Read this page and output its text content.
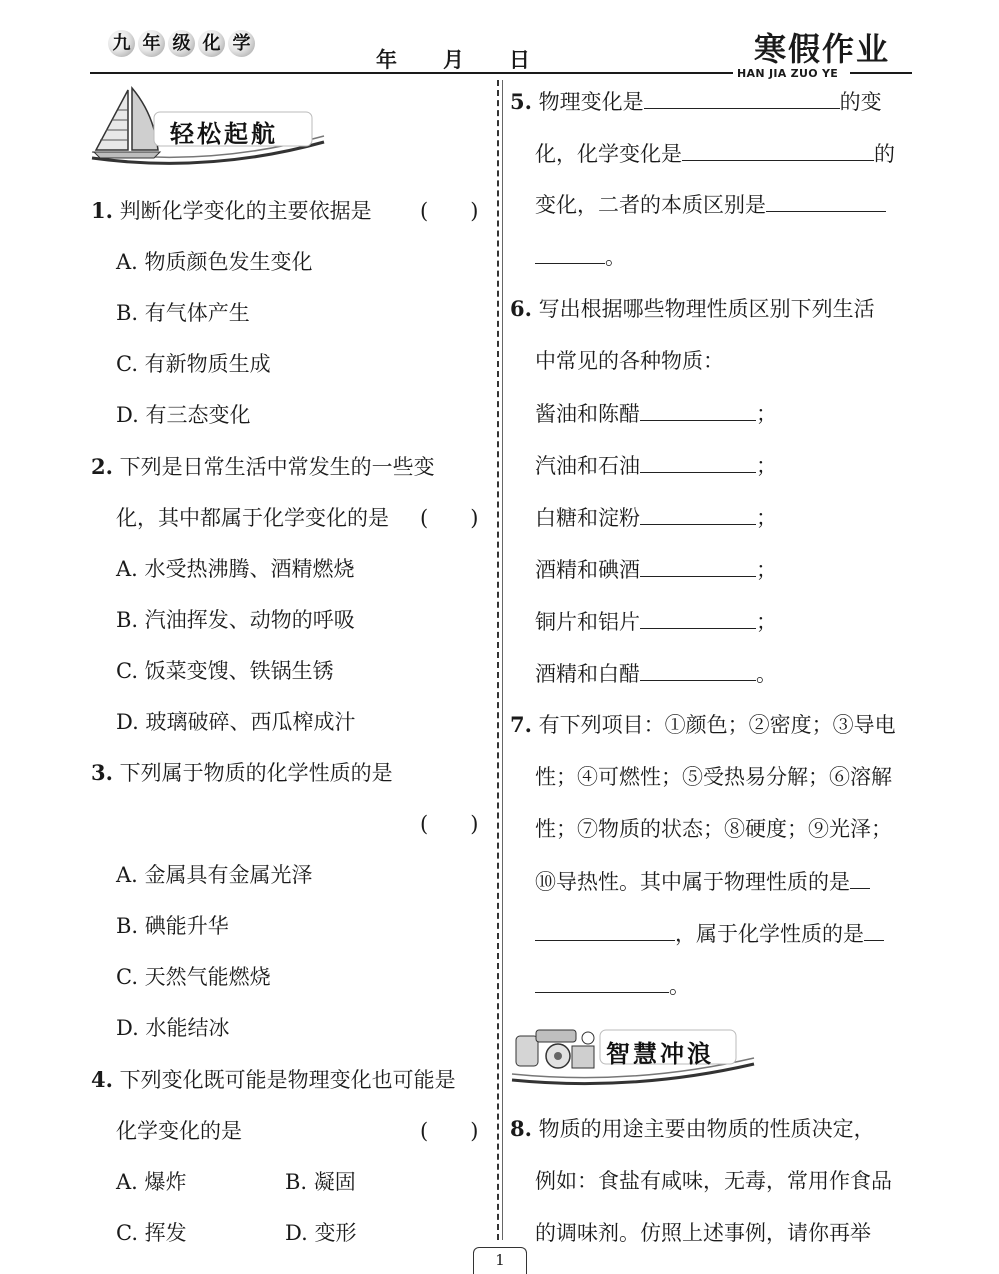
九 年 级 化 学
年 月 日	寒假作业
HAN JIA ZUO YE
轻松起航
1. 判断化学变化的主要依据是 (　　)
A. 物质颜色发生变化
B. 有气体产生
C. 有新物质生成
D. 有三态变化
2. 下列是日常生活中常发生的一些变
化，其中都属于化学变化的是 (　　)
A. 水受热沸腾、酒精燃烧
B. 汽油挥发、动物的呼吸
C. 饭菜变馊、铁锅生锈
D. 玻璃破碎、西瓜榨成汁
3. 下列属于物质的化学性质的是
(　　)
A. 金属具有金属光泽
B. 碘能升华
C. 天然气能燃烧
D. 水能结冰
4. 下列变化既可能是物理变化也可能是
化学变化的是	(　　)
A. 爆炸	B. 凝固
C. 挥发	D. 变形
5. 物理变化是	的变
化，化学变化是	的
变化，二者的本质区别是
。
6. 写出根据哪些物理性质区别下列生活
中常见的各种物质：
酱油和陈醋	；
汽油和石油	；
白糖和淀粉	；
酒精和碘酒	；
铜片和铝片	；
酒精和白醋	。
7. 有下列项目：①颜色；②密度；③导电
性；④可燃性；⑤受热易分解；⑥溶解
性；⑦物质的状态；⑧硬度；⑨光泽；
⑩导热性。其中属于物理性质的是
，属于化学性质的是
。
智慧冲浪
8. 物质的用途主要由物质的性质决定，
例如：食盐有咸味，无毒，常用作食品
的调味剂。仿照上述事例，请你再举
1
